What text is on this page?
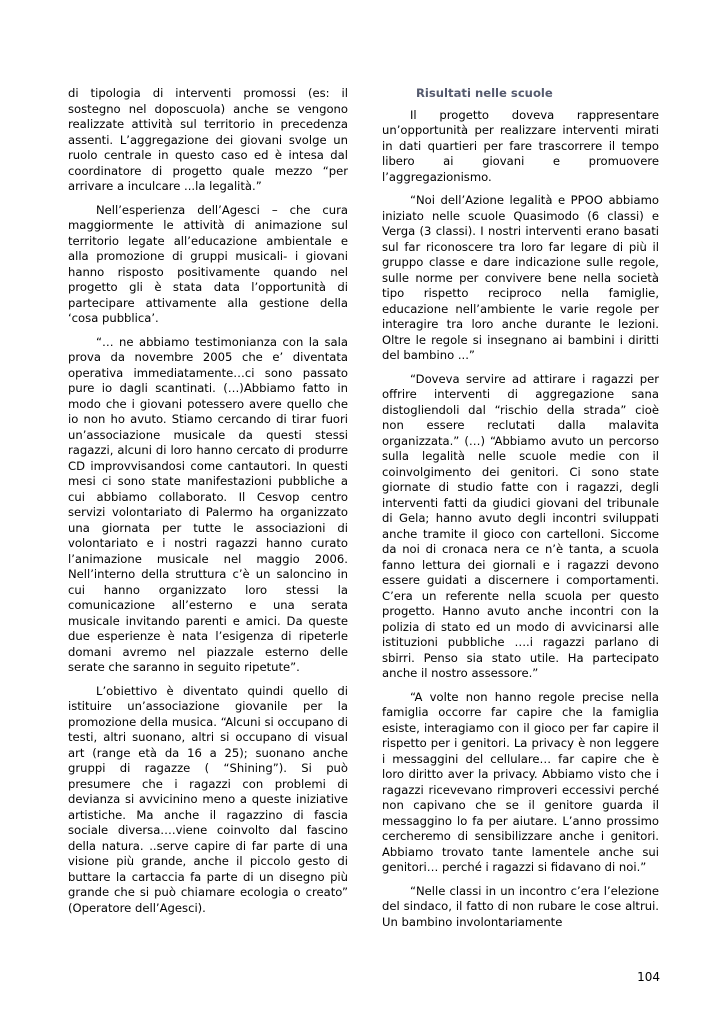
di tipologia di interventi promossi (es: il sostegno nel doposcuola) anche se vengono realizzate attività sul territorio in precedenza assenti. L’aggregazione dei giovani svolge un ruolo centrale in questo caso ed è intesa dal coordinatore di progetto quale mezzo “per arrivare a inculcare ...la legalità.”

Nell’esperienza dell’Agesci – che cura maggiormente le attività di animazione sul territorio legate all’educazione ambientale e alla promozione di gruppi musicali- i giovani hanno risposto positivamente quando nel progetto gli è stata data l’opportunità di partecipare attivamente alla gestione della ‘cosa pubblica’.

“… ne abbiamo testimonianza con la sala prova da novembre 2005 che e’ diventata operativa immediatamente…ci sono passato pure io dagli scantinati. (…)Abbiamo fatto in modo che i giovani potessero avere quello che io non ho avuto. Stiamo cercando di tirar fuori un’associazione musicale da questi stessi ragazzi, alcuni di loro hanno cercato di produrre CD improvvisandosi come cantautori. In questi mesi ci sono state manifestazioni pubbliche a cui abbiamo collaborato. Il Cesvop centro servizi volontariato di Palermo ha organizzato una giornata per tutte le associazioni di volontariato e i nostri ragazzi hanno curato l’animazione musicale nel maggio 2006. Nell’interno della struttura c’è un saloncino in cui hanno organizzato loro stessi la comunicazione all’esterno e una serata musicale invitando parenti e amici. Da queste due esperienze è nata l’esigenza di ripeterle domani avremo nel piazzale esterno delle serate che saranno in seguito ripetute”.

L’obiettivo è diventato quindi quello di istituire un’associazione giovanile per la promozione della musica. “Alcuni si occupano di testi, altri suonano, altri si occupano di visual art (range età da 16 a 25); suonano anche gruppi di ragazze ( “Shining”). Si può presumere che i ragazzi con problemi di devianza si avvicinino meno a queste iniziative artistiche. Ma anche il ragazzino di fascia sociale diversa….viene coinvolto dal fascino della natura. ..serve capire di far parte di una visione più grande, anche il piccolo gesto di buttare la cartaccia fa parte di un disegno più grande che si può chiamare ecologia o creato” (Operatore dell’Agesci).

Risultati nelle scuole

Il progetto doveva rappresentare un’opportunità per realizzare interventi mirati in dati quartieri per fare trascorrere il tempo libero ai giovani e promuovere l’aggregazionismo.

“Noi dell’Azione legalità e PPOO abbiamo iniziato nelle scuole Quasimodo (6 classi) e Verga (3 classi). I nostri interventi erano basati sul far riconoscere tra loro far legare di più il gruppo classe e dare indicazione sulle regole, sulle norme per convivere bene nella società tipo rispetto reciproco nella famiglie, educazione nell’ambiente le varie regole per interagire tra loro anche durante le lezioni. Oltre le regole si insegnano ai bambini i diritti del bambino ...”

“Doveva servire ad attirare i ragazzi per offrire interventi di aggregazione sana distogliendoli dal “rischio della strada” cioè non essere reclutati dalla malavita organizzata.” (…) “Abbiamo avuto un percorso sulla legalità nelle scuole medie con il coinvolgimento dei genitori. Ci sono state giornate di studio fatte con i ragazzi, degli interventi fatti da giudici giovani del tribunale di Gela; hanno avuto degli incontri sviluppati anche tramite il gioco con cartelloni. Siccome da noi di cronaca nera ce n’è tanta, a scuola fanno lettura dei giornali e i ragazzi devono essere guidati a discernere i comportamenti. C’era un referente nella scuola per questo progetto. Hanno avuto anche incontri con la polizia di stato ed un modo di avvicinarsi alle istituzioni pubbliche ….i ragazzi parlano di sbirri. Penso sia stato utile. Ha partecipato anche il nostro assessore.”

“A volte non hanno regole precise nella famiglia occorre far capire che la famiglia esiste, interagiamo con il gioco per far capire il rispetto per i genitori. La privacy è non leggere i messaggini del cellulare… far capire che è loro diritto aver la privacy. Abbiamo visto che i ragazzi ricevevano rimproveri eccessivi perché non capivano che se il genitore guarda il messaggino lo fa per aiutare. L’anno prossimo cercheremo di sensibilizzare anche i genitori. Abbiamo trovato tante lamentele anche sui genitori… perché i ragazzi si fidavano di noi.”

“Nelle classi in un incontro c’era l’elezione del sindaco, il fatto di non rubare le cose altrui. Un bambino involontariamente

104
